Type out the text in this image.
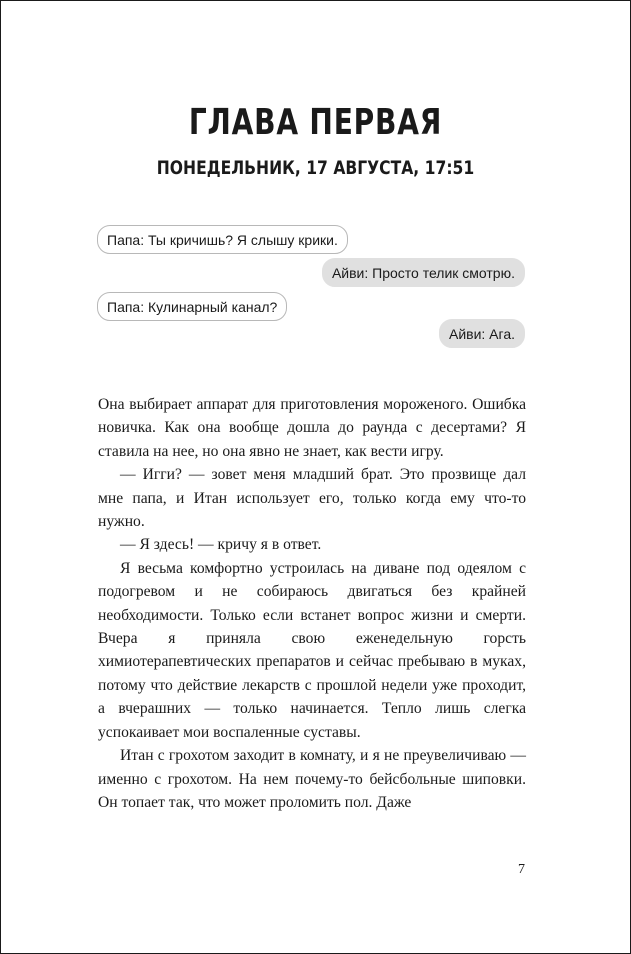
ГЛАВА ПЕРВАЯ
ПОНЕДЕЛЬНИК, 17 АВГУСТА, 17:51
Папа: Ты кричишь? Я слышу крики.
Айви: Просто телик смотрю.
Папа: Кулинарный канал?
Айви: Ага.

Она выбирает аппарат для приготовления мороженого. Ошибка новичка. Как она вообще дошла до раунда с десертами? Я ставила на нее, но она явно не знает, как вести игру.

— Игги? — зовет меня младший брат. Это прозвище дал мне папа, и Итан использует его, только когда ему что-то нужно.

— Я здесь! — кричу я в ответ.

Я весьма комфортно устроилась на диване под одеялом с подогревом и не собираюсь двигаться без крайней необходимости. Только если встанет вопрос жизни и смерти. Вчера я приняла свою еженедельную горсть химиотерапевтических препаратов и сейчас пребываю в муках, потому что действие лекарств с прошлой недели уже проходит, а вчерашних — только начинается. Тепло лишь слегка успокаивает мои воспаленные суставы.

Итан с грохотом заходит в комнату, и я не преувеличиваю — именно с грохотом. На нем почему-то бейсбольные шиповки. Он топает так, что может проломить пол. Даже

7
